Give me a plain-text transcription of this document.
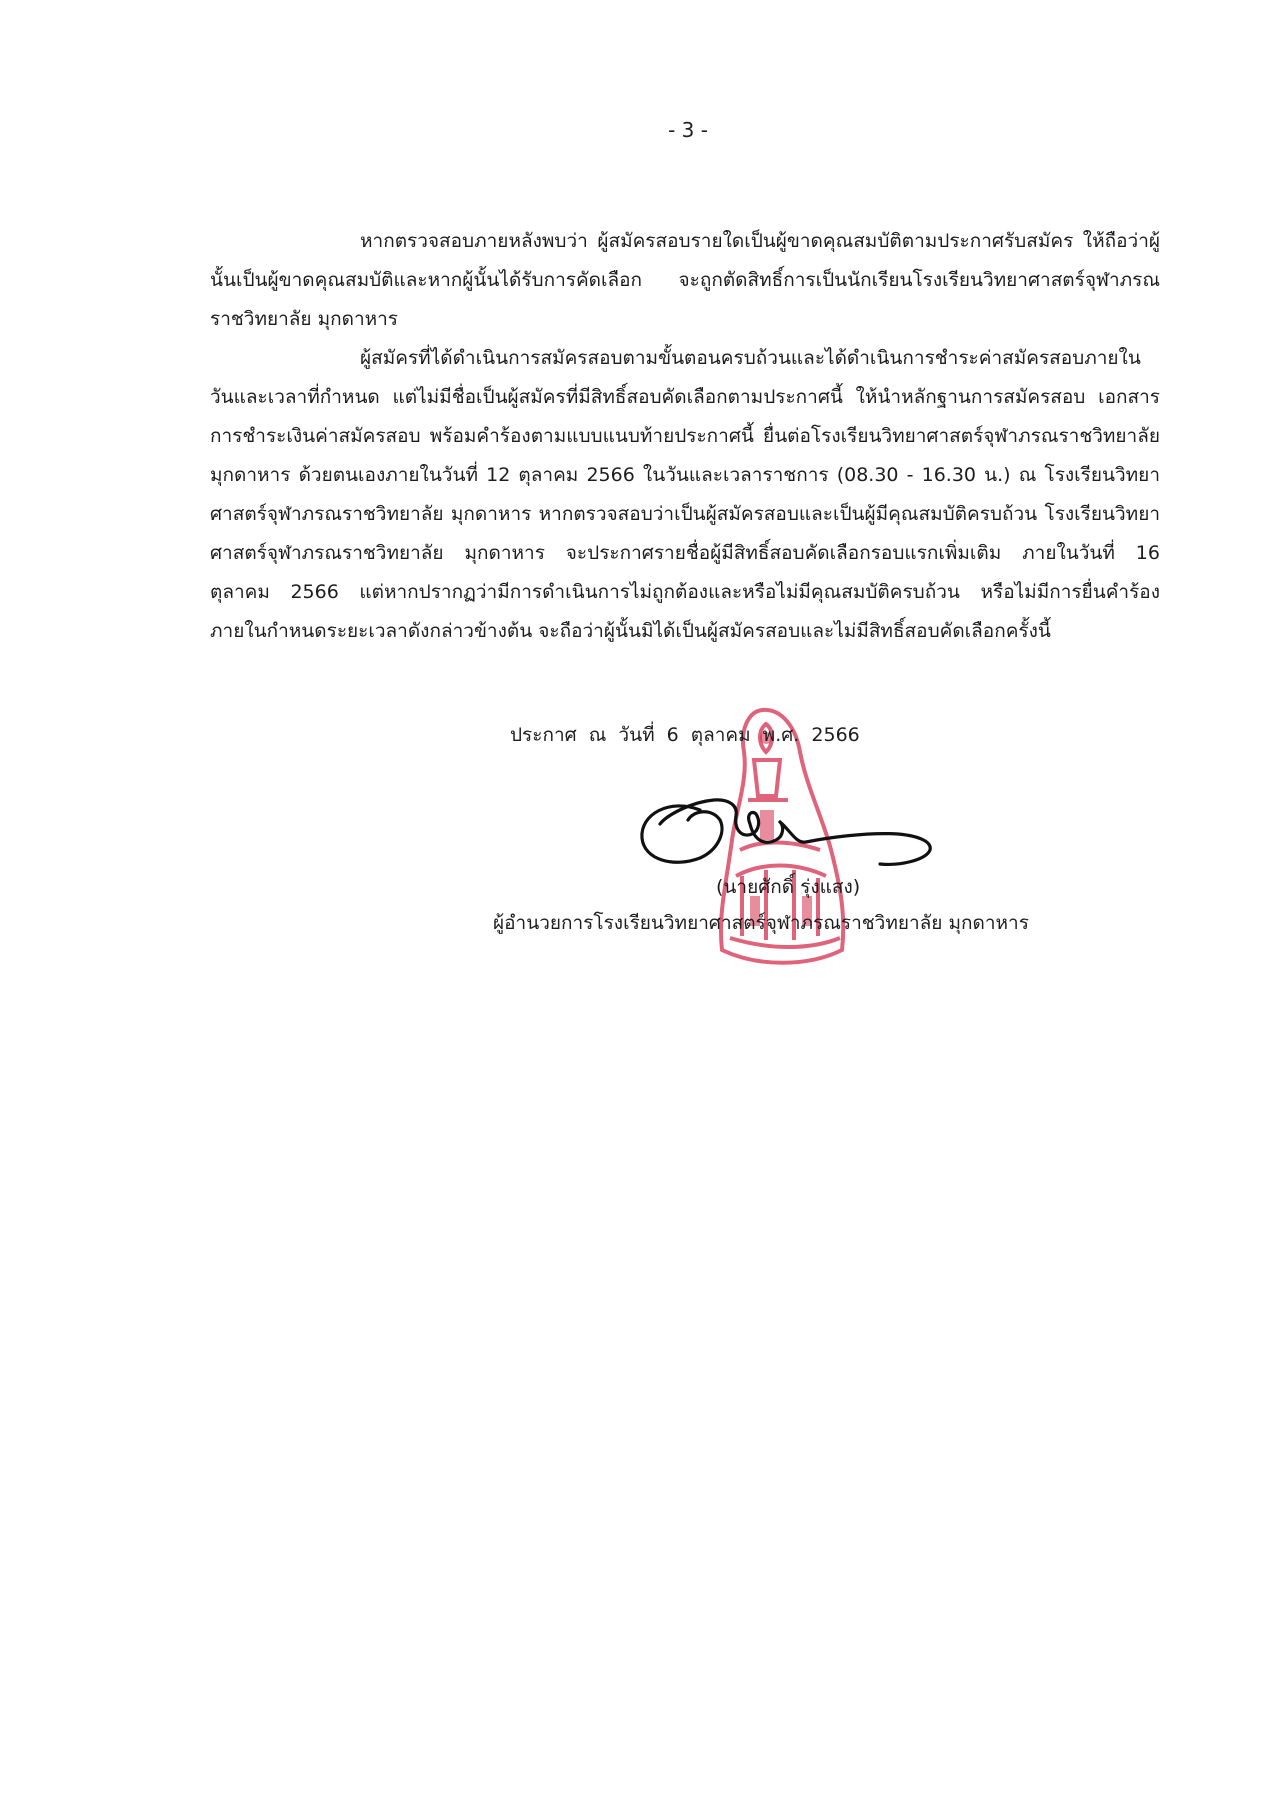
- 3 -

หากตรวจสอบภายหลังพบว่า ผู้สมัครสอบรายใดเป็นผู้ขาดคุณสมบัติตามประกาศรับสมัคร ให้ถือว่าผู้นั้นเป็นผู้ขาดคุณสมบัติและหากผู้นั้นได้รับการคัดเลือก จะถูกตัดสิทธิ์การเป็นนักเรียนโรงเรียนวิทยาศาสตร์จุฬาภรณราชวิทยาลัย มุกดาหาร

ผู้สมัครที่ได้ดำเนินการสมัครสอบตามขั้นตอนครบถ้วนและได้ดำเนินการชำระค่าสมัครสอบภายในวันและเวลาที่กำหนด แต่ไม่มีชื่อเป็นผู้สมัครที่มีสิทธิ์สอบคัดเลือกตามประกาศนี้ ให้นำหลักฐานการสมัครสอบ เอกสารการชำระเงินค่าสมัครสอบ พร้อมคำร้องตามแบบแนบท้ายประกาศนี้ ยื่นต่อโรงเรียนวิทยาศาสตร์จุฬาภรณราชวิทยาลัย มุกดาหาร ด้วยตนเองภายในวันที่ 12 ตุลาคม 2566 ในวันและเวลาราชการ (08.30 - 16.30 น.) ณ โรงเรียนวิทยาศาสตร์จุฬาภรณราชวิทยาลัย มุกดาหาร หากตรวจสอบว่าเป็นผู้สมัครสอบและเป็นผู้มีคุณสมบัติครบถ้วน โรงเรียนวิทยาศาสตร์จุฬาภรณราชวิทยาลัย มุกดาหาร จะประกาศรายชื่อผู้มีสิทธิ์สอบคัดเลือกรอบแรกเพิ่มเติม ภายในวันที่ 16 ตุลาคม 2566 แต่หากปรากฏว่ามีการดำเนินการไม่ถูกต้องและหรือไม่มีคุณสมบัติครบถ้วน หรือไม่มีการยื่นคำร้องภายในกำหนดระยะเวลาดังกล่าวข้างต้น จะถือว่าผู้นั้นมิได้เป็นผู้สมัครสอบและไม่มีสิทธิ์สอบคัดเลือกครั้งนี้

ประกาศ ณ วันที่ 6 ตุลาคม พ.ศ. 2566
(นายศักดิ์ รุ่งแสง)
ผู้อำนวยการโรงเรียนวิทยาศาสตร์จุฬาภรณราชวิทยาลัย มุกดาหาร
